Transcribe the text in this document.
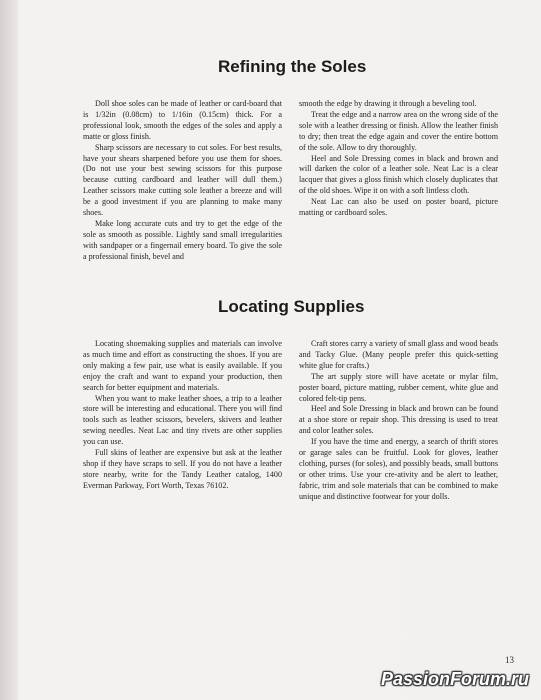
Refining the Soles

Doll shoe soles can be made of leather or card-board that is 1/32in (0.08cm) to 1/16in (0.15cm) thick. For a professional look, smooth the edges of the soles and apply a matte or gloss finish.

Sharp scissors are necessary to cut soles. For best results, have your shears sharpened before you use them for shoes. (Do not use your best sewing scissors for this purpose because cutting cardboard and leather will dull them.) Leather scissors make cutting sole leather a breeze and will be a good investment if you are planning to make many shoes.

Make long accurate cuts and try to get the edge of the sole as smooth as possible. Lightly sand small irregularities with sandpaper or a fingernail emery board. To give the sole a professional finish, bevel and

smooth the edge by drawing it through a beveling tool.

Treat the edge and a narrow area on the wrong side of the sole with a leather dressing or finish. Allow the leather finish to dry; then treat the edge again and cover the entire bottom of the sole. Allow to dry thoroughly.

Heel and Sole Dressing comes in black and brown and will darken the color of a leather sole. Neat Lac is a clear lacquer that gives a gloss finish which closely duplicates that of the old shoes. Wipe it on with a soft lintless cloth.

Neat Lac can also be used on poster board, picture matting or cardboard soles.

Locating Supplies

Locating shoemaking supplies and materials can involve as much time and effort as constructing the shoes. If you are only making a few pair, use what is easily available. If you enjoy the craft and want to expand your production, then search for better equipment and materials.

When you want to make leather shoes, a trip to a leather store will be interesting and educational. There you will find tools such as leather scissors, bevelers, skivers and leather sewing needles. Neat Lac and tiny rivets are other supplies you can use.

Full skins of leather are expensive but ask at the leather shop if they have scraps to sell. If you do not have a leather store nearby, write for the Tandy Leather catalog, 1400 Everman Parkway, Fort Worth, Texas 76102.

Craft stores carry a variety of small glass and wood beads and Tacky Glue. (Many people prefer this quick-setting white glue for crafts.)

The art supply store will have acetate or mylar film, poster board, picture matting, rubber cement, white glue and colored felt-tip pens.

Heel and Sole Dressing in black and brown can be found at a shoe store or repair shop. This dressing is used to treat and color leather soles.

If you have the time and energy, a search of thrift stores or garage sales can be fruitful. Look for gloves, leather clothing, purses (for soles), and possibly beads, small buttons or other trims. Use your cre-ativity and be alert to leather, fabric, trim and sole materials that can be combined to make unique and distinctive footwear for your dolls.

13
PassionForum.ru
